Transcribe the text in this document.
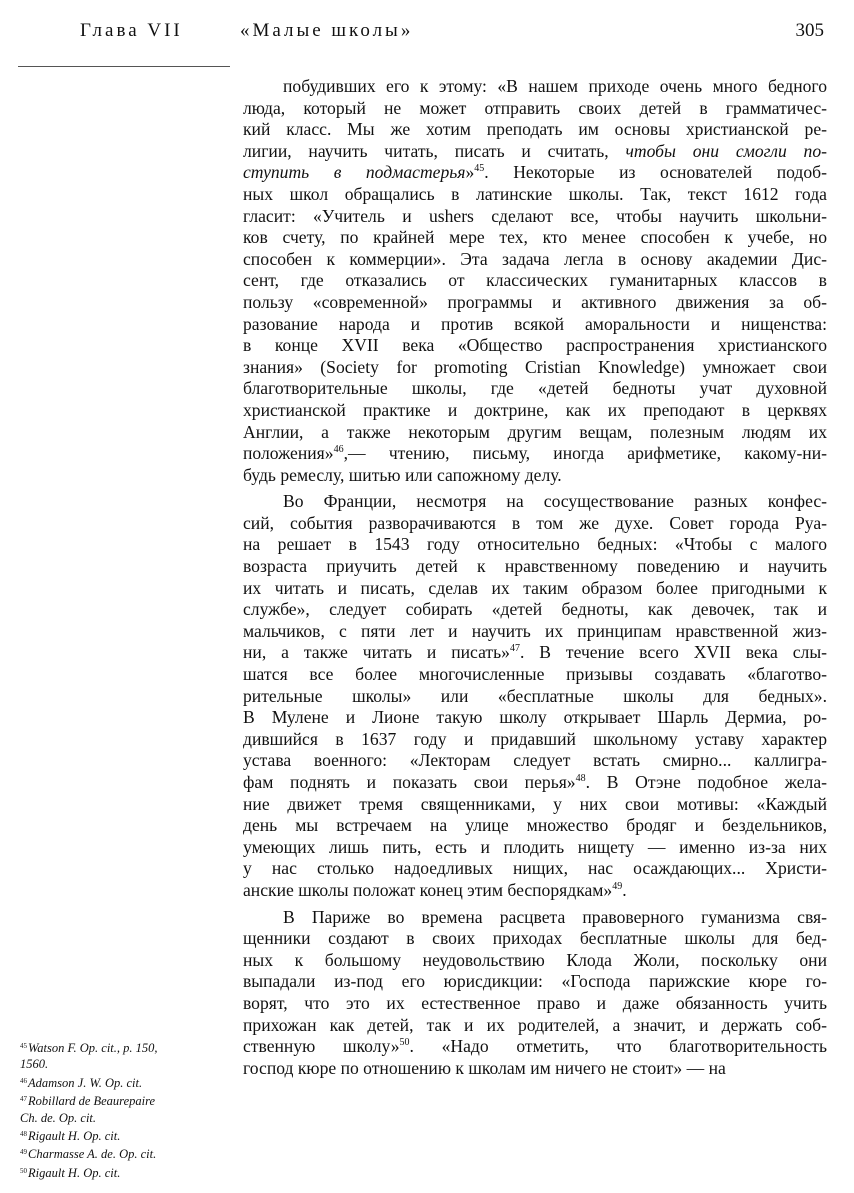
Глава VII	«Малые школы»	305
$^{45}$Watson F. Op. cit., p. 150,
1560.
$^{46}$Adamson J. W. Op. cit.
$^{47}$Robillard de Beaurepaire
Ch. de. Op. cit.
$^{48}$Rigault H. Op. cit.
$^{49}$Charmasse A. de. Op. cit.
$^{50}$Rigault H. Op. cit.
побудивших его к этому: «В нашем приходе очень много бедного
люда, который не может отправить своих детей в грамматичес-
кий класс. Мы же хотим преподать им основы христианской ре-
лигии, научить читать, писать и считать, чтобы они смогли по-
ступить в подмастерья»$^{45}$. Некоторые из основателей подоб-
ных школ обращались в латинские школы. Так, текст 1612 года
гласит: «Учитель и ushers сделают все, чтобы научить школьни-
ков счету, по крайней мере тех, кто менее способен к учебе, но
способен к коммерции». Эта задача легла в основу академии Дис-
сент, где отказались от классических гуманитарных классов в
пользу «современной» программы и активного движения за об-
разование народа и против всякой аморальности и нищенства:
в конце XVII века «Общество распространения христианского
знания» (Society for promoting Cristian Knowledge) умножает свои
благотворительные школы, где «детей бедноты учат духовной
христианской практике и доктрине, как их преподают в церквях
Англии, а также некоторым другим вещам, полезным людям их
положения»$^{46}$,— чтению, письму, иногда арифметике, какому-ни-
будь ремеслу, шитью или сапожному делу.
Во Франции, несмотря на сосуществование разных конфес-
сий, события разворачиваются в том же духе. Совет города Руа-
на решает в 1543 году относительно бедных: «Чтобы с малого
возраста приучить детей к нравственному поведению и научить
их читать и писать, сделав их таким образом более пригодными к
службе», следует собирать «детей бедноты, как девочек, так и
мальчиков, с пяти лет и научить их принципам нравственной жиз-
ни, а также читать и писать»$^{47}$. В течение всего XVII века слы-
шатся все более многочисленные призывы создавать «благотво-
рительные школы» или «бесплатные школы для бедных».
В Мулене и Лионе такую школу открывает Шарль Дермиа, ро-
дившийся в 1637 году и придавший школьному уставу характер
устава военного: «Лекторам следует встать смирно... каллигра-
фам поднять и показать свои перья»$^{48}$. В Отэне подобное жела-
ние движет тремя священниками, у них свои мотивы: «Каждый
день мы встречаем на улице множество бродяг и бездельников,
умеющих лишь пить, есть и плодить нищету — именно из-за них
у нас столько надоедливых нищих, нас осаждающих... Христи-
анские школы положат конец этим беспорядкам»$^{49}$.
В Париже во времена расцвета правоверного гуманизма свя-
щенники создают в своих приходах бесплатные школы для бед-
ных к большому неудовольствию Клода Жоли, поскольку они
выпадали из-под его юрисдикции: «Господа парижские кюре го-
ворят, что это их естественное право и даже обязанность учить
прихожан как детей, так и их родителей, а значит, и держать соб-
ственную школу»$^{50}$. «Надо отметить, что благотворительность
господ кюре по отношению к школам им ничего не стоит» — на
